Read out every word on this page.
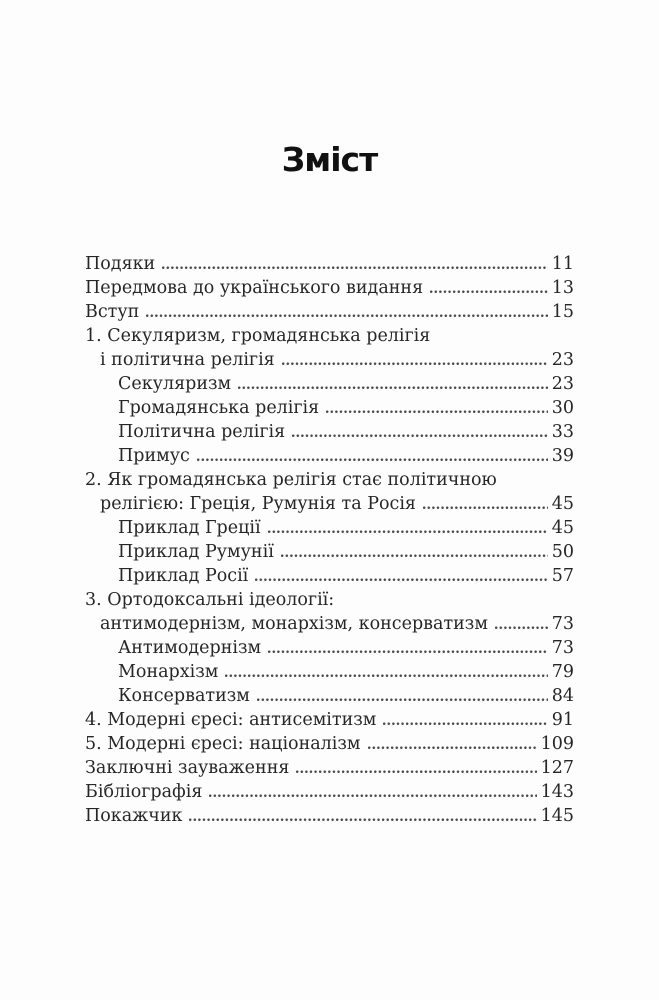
Зміст
Подяки	11
Передмова до українського видання	13
Вступ	15
1. Секуляризм, громадянська релігія
і політична релігія	23
Секуляризм	23
Громадянська релігія	30
Політична релігія	33
Примус	39
2. Як громадянська релігія стає політичною
релігією: Греція, Румунія та Росія	45
Приклад Греції	45
Приклад Румунії	50
Приклад Росії	57
3. Ортодоксальні ідеології:
антимодернізм, монархізм, консерватизм	73
Антимодернізм	73
Монархізм	79
Консерватизм	84
4. Модерні єресі: антисемітизм	91
5. Модерні єресі: націоналізм	109
Заключні зауваження	127
Бібліографія	143
Покажчик	145
